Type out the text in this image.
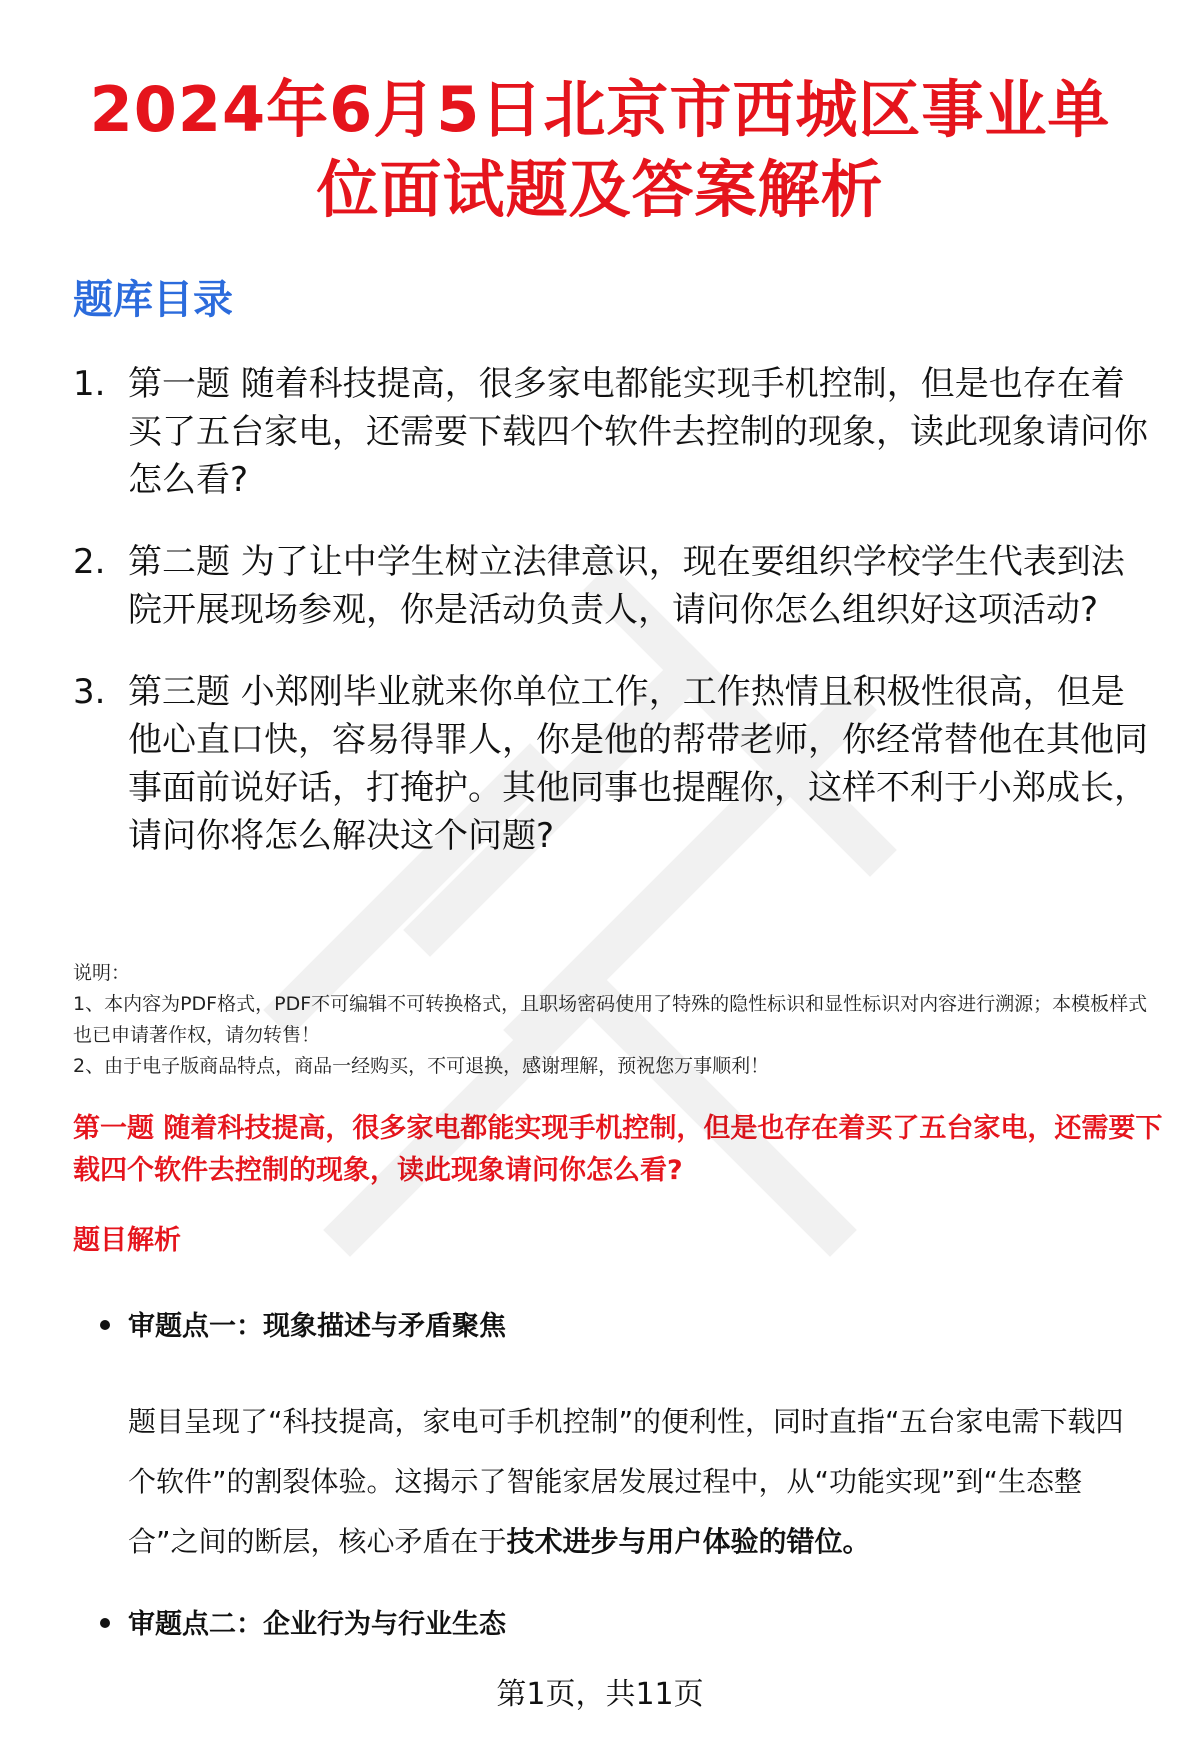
2024年6月5日北京市西城区事业单
位面试题及答案解析
题库目录
1. 第一题 随着科技提高，很多家电都能实现手机控制，但是也存在着买了五台家电，还需要下载四个软件去控制的现象，读此现象请问你怎么看?
2. 第二题 为了让中学生树立法律意识，现在要组织学校学生代表到法院开展现场参观，你是活动负责人，请问你怎么组织好这项活动?
3. 第三题 小郑刚毕业就来你单位工作，工作热情且积极性很高，但是他心直口快，容易得罪人，你是他的帮带老师，你经常替他在其他同事面前说好话，打掩护。其他同事也提醒你，这样不利于小郑成长，请问你将怎么解决这个问题?

说明：

1、本内容为PDF格式，PDF不可编辑不可转换格式，且职场密码使用了特殊的隐性标识和显性标识对内容进行溯源；本模板样式也已申请著作权，请勿转售！

2、由于电子版商品特点，商品一经购买，不可退换，感谢理解，预祝您万事顺利！

第一题 随着科技提高，很多家电都能实现手机控制，但是也存在着买了五台家电，还需要下载四个软件去控制的现象，读此现象请问你怎么看?
题目解析

审题点一：现象描述与矛盾聚焦

题目呈现了“科技提高，家电可手机控制”的便利性，同时直指“五台家电需下载四个软件”的割裂体验。这揭示了智能家居发展过程中，从“功能实现”到“生态整合”之间的断层，核心矛盾在于技术进步与用户体验的错位。

审题点二：企业行为与行业生态

第1页，共11页
